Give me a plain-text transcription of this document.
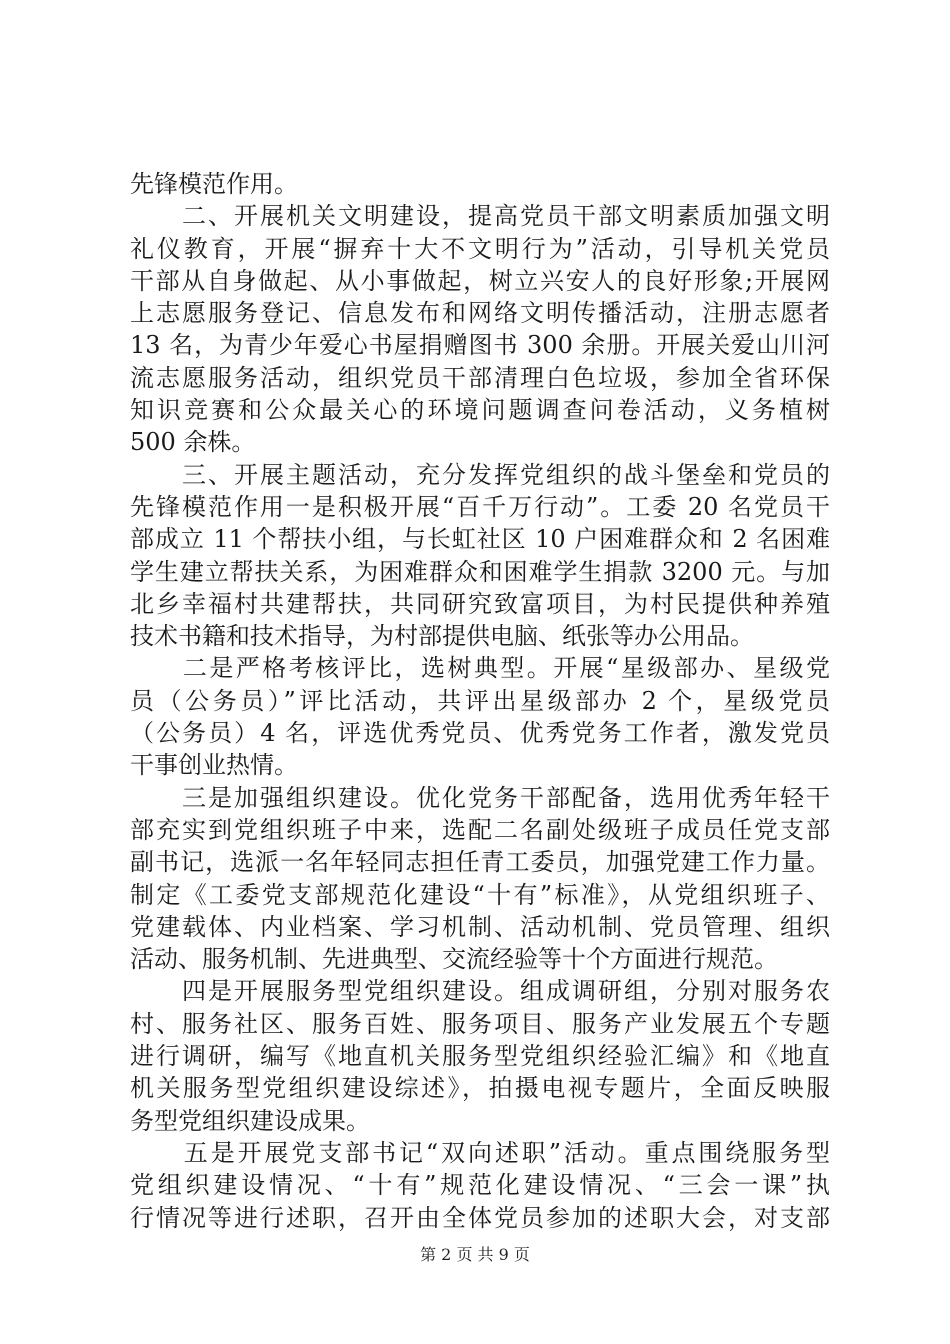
先锋模范作用。
　　二、开展机关文明建设，提高党员干部文明素质加强文明
礼仪教育，开展“摒弃十大不文明行为”活动，引导机关党员
干部从自身做起、从小事做起，树立兴安人的良好形象;开展网
上志愿服务登记、信息发布和网络文明传播活动，注册志愿者
13 名，为青少年爱心书屋捐赠图书 300 余册。开展关爱山川河
流志愿服务活动，组织党员干部清理白色垃圾，参加全省环保
知识竞赛和公众最关心的环境问题调查问卷活动，义务植树
500 余株。
　　三、开展主题活动，充分发挥党组织的战斗堡垒和党员的
先锋模范作用一是积极开展“百千万行动”。工委 20 名党员干
部成立 11 个帮扶小组，与长虹社区 10 户困难群众和 2 名困难
学生建立帮扶关系，为困难群众和困难学生捐款 3200 元。与加
北乡幸福村共建帮扶，共同研究致富项目，为村民提供种养殖
技术书籍和技术指导，为村部提供电脑、纸张等办公用品。
　　二是严格考核评比，选树典型。开展“星级部办、星级党
员（公务员）”评比活动，共评出星级部办 2 个，星级党员
（公务员）4 名，评选优秀党员、优秀党务工作者，激发党员
干事创业热情。
　　三是加强组织建设。优化党务干部配备，选用优秀年轻干
部充实到党组织班子中来，选配二名副处级班子成员任党支部
副书记，选派一名年轻同志担任青工委员，加强党建工作力量。
制定《工委党支部规范化建设“十有”标准》，从党组织班子、
党建载体、内业档案、学习机制、活动机制、党员管理、组织
活动、服务机制、先进典型、交流经验等十个方面进行规范。
　　四是开展服务型党组织建设。组成调研组，分别对服务农
村、服务社区、服务百姓、服务项目、服务产业发展五个专题
进行调研，编写《地直机关服务型党组织经验汇编》和《地直
机关服务型党组织建设综述》，拍摄电视专题片，全面反映服
务型党组织建设成果。
　　五是开展党支部书记“双向述职”活动。重点围绕服务型
党组织建设情况、“十有”规范化建设情况、“三会一课”执
行情况等进行述职，召开由全体党员参加的述职大会，对支部
第 2 页 共 9 页
